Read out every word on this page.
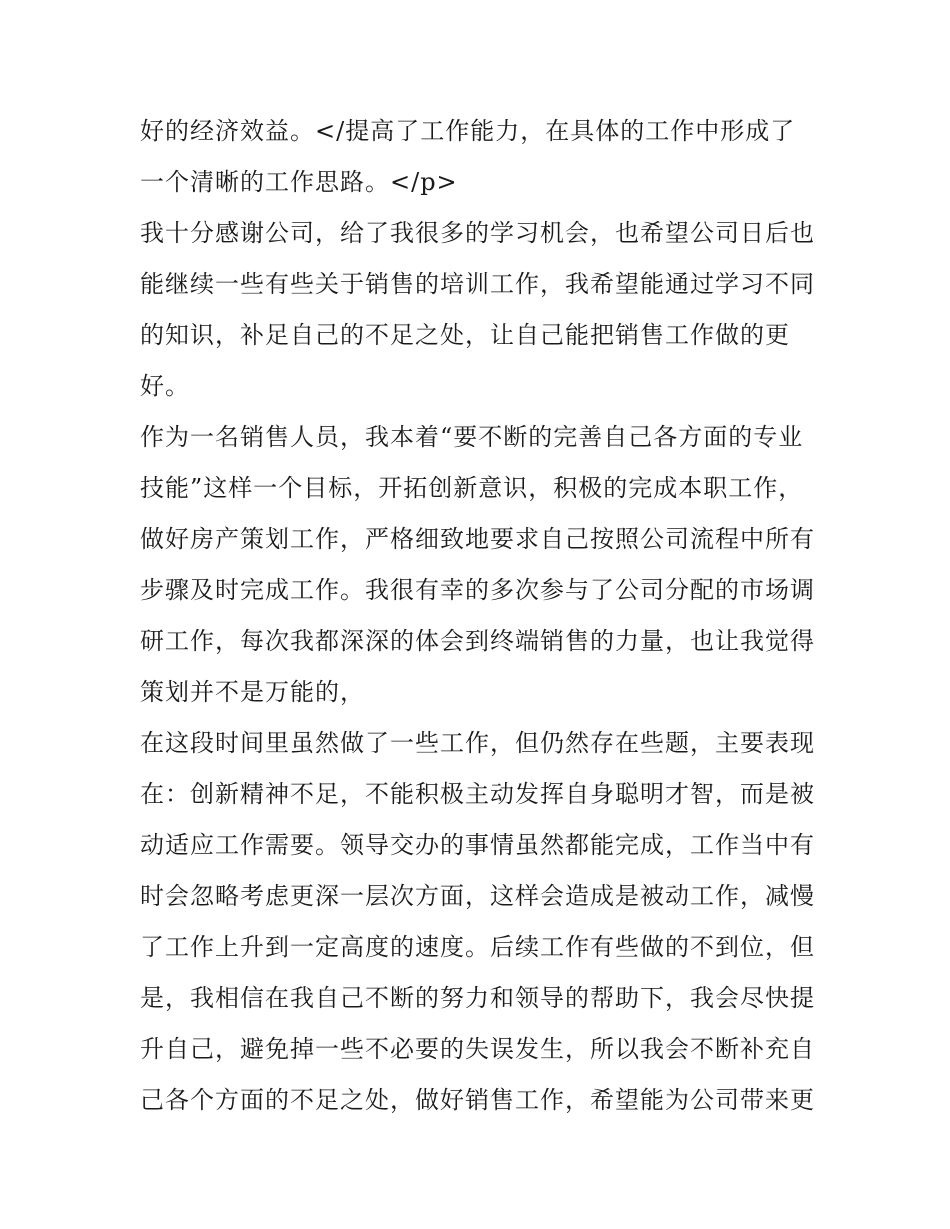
好的经济效益。</提高了工作能力，在具体的工作中形成了
一个清晰的工作思路。</p>
我十分感谢公司，给了我很多的学习机会，也希望公司日后也
能继续一些有些关于销售的培训工作，我希望能通过学习不同
的知识，补足自己的不足之处，让自己能把销售工作做的更
好。
作为一名销售人员，我本着“要不断的完善自己各方面的专业
技能”这样一个目标，开拓创新意识，积极的完成本职工作，
做好房产策划工作，严格细致地要求自己按照公司流程中所有
步骤及时完成工作。我很有幸的多次参与了公司分配的市场调
研工作，每次我都深深的体会到终端销售的力量，也让我觉得
策划并不是万能的，
在这段时间里虽然做了一些工作，但仍然存在些题，主要表现
在：创新精神不足，不能积极主动发挥自身聪明才智，而是被
动适应工作需要。领导交办的事情虽然都能完成，工作当中有
时会忽略考虑更深一层次方面，这样会造成是被动工作，减慢
了工作上升到一定高度的速度。后续工作有些做的不到位，但
是，我相信在我自己不断的努力和领导的帮助下，我会尽快提
升自己，避免掉一些不必要的失误发生，所以我会不断补充自
己各个方面的不足之处，做好销售工作，希望能为公司带来更
